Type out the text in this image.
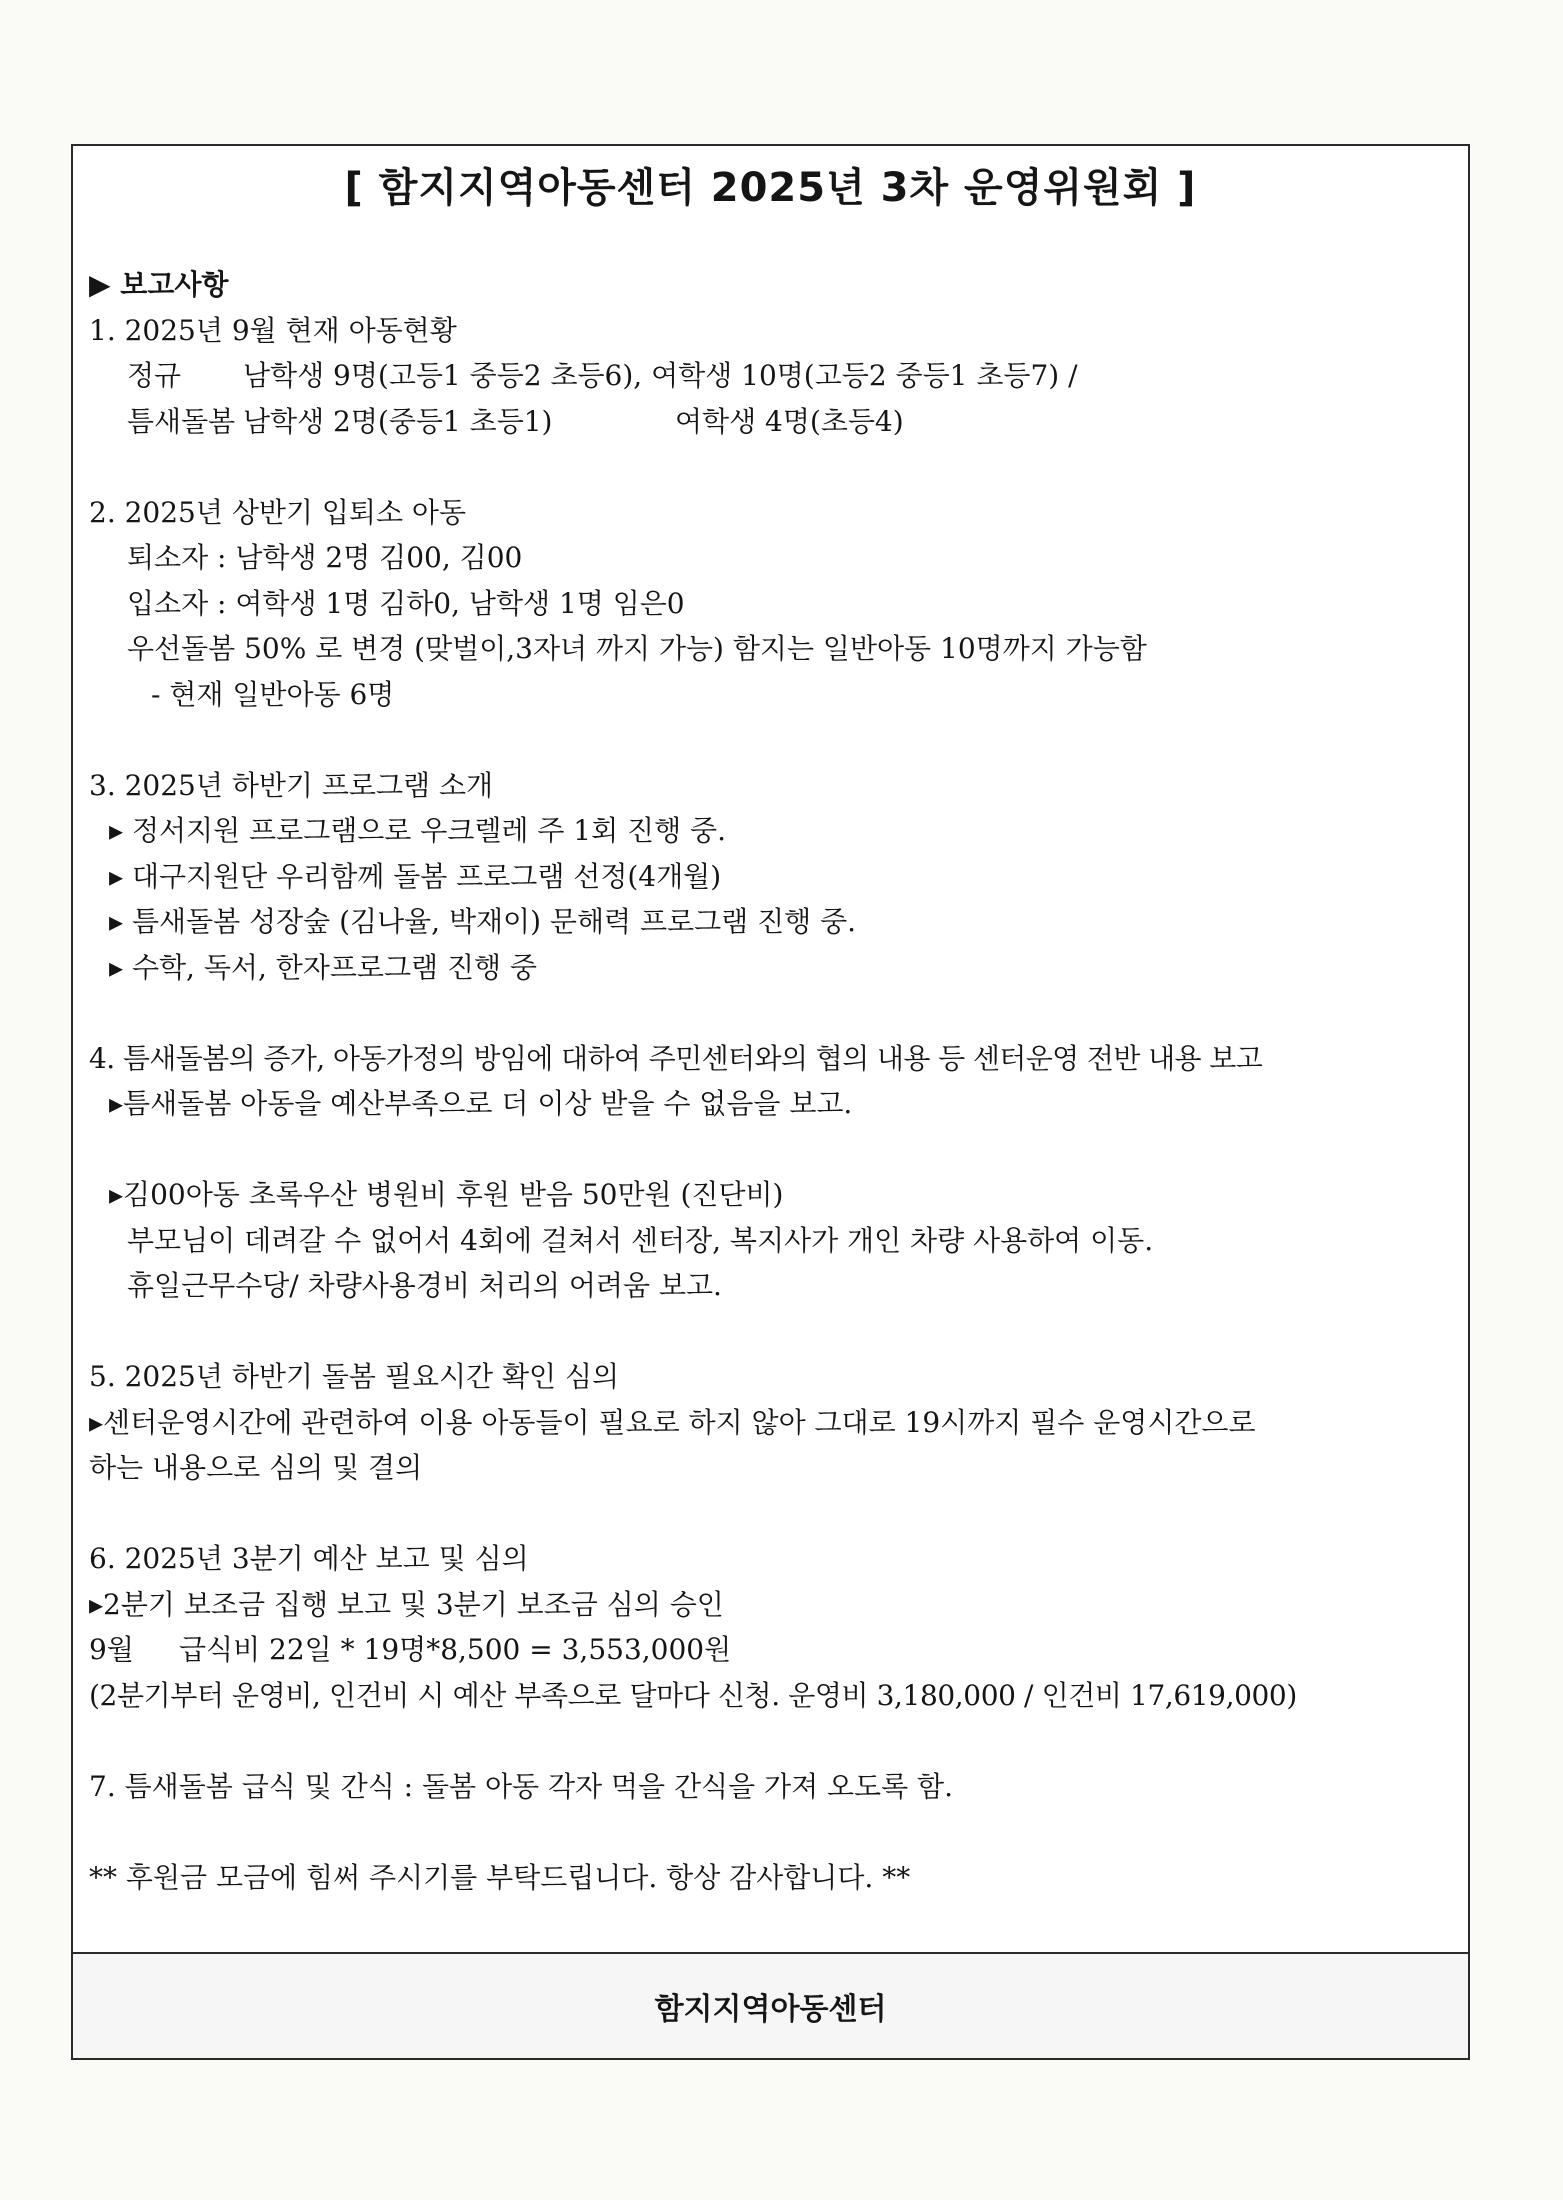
[ 함지지역아동센터 2025년 3차 운영위원회 ]
▶ 보고사항
1. 2025년 9월 현재 아동현황
정규 남학생 9명(고등1 중등2 초등6), 여학생 10명(고등2 중등1 초등7) /
틈새돌봄 남학생 2명(중등1 초등1)	여학생 4명(초등4)
2. 2025년 상반기 입퇴소 아동
퇴소자 : 남학생 2명 김00, 김00
입소자 : 여학생 1명 김하0, 남학생 1명 임은0
우선돌봄 50% 로 변경 (맞벌이,3자녀 까지 가능) 함지는 일반아동 10명까지 가능함
- 현재 일반아동 6명
3. 2025년 하반기 프로그램 소개
▸ 정서지원 프로그램으로 우크렐레 주 1회 진행 중.
▸ 대구지원단 우리함께 돌봄 프로그램 선정(4개월)
▸ 틈새돌봄 성장숲 (김나율, 박재이) 문해력 프로그램 진행 중.
▸ 수학, 독서, 한자프로그램 진행 중
4. 틈새돌봄의 증가, 아동가정의 방임에 대하여 주민센터와의 협의 내용 등 센터운영 전반 내용 보고
▸틈새돌봄 아동을 예산부족으로 더 이상 받을 수 없음을 보고.
▸김00아동 초록우산 병원비 후원 받음 50만원 (진단비)
부모님이 데려갈 수 없어서 4회에 걸쳐서 센터장, 복지사가 개인 차량 사용하여 이동.
휴일근무수당/ 차량사용경비 처리의 어려움 보고.
5. 2025년 하반기 돌봄 필요시간 확인 심의
▸센터운영시간에 관련하여 이용 아동들이 필요로 하지 않아 그대로 19시까지 필수 운영시간으로
하는 내용으로 심의 및 결의
6. 2025년 3분기 예산 보고 및 심의
▸2분기 보조금 집행 보고 및 3분기 보조금 심의 승인
9월 급식비 22일 * 19명*8,500 = 3,553,000원
(2분기부터 운영비, 인건비 시 예산 부족으로 달마다 신청. 운영비 3,180,000 / 인건비 17,619,000)
7. 틈새돌봄 급식 및 간식 : 돌봄 아동 각자 먹을 간식을 가져 오도록 함.
** 후원금 모금에 힘써 주시기를 부탁드립니다. 항상 감사합니다. **
함지지역아동센터
